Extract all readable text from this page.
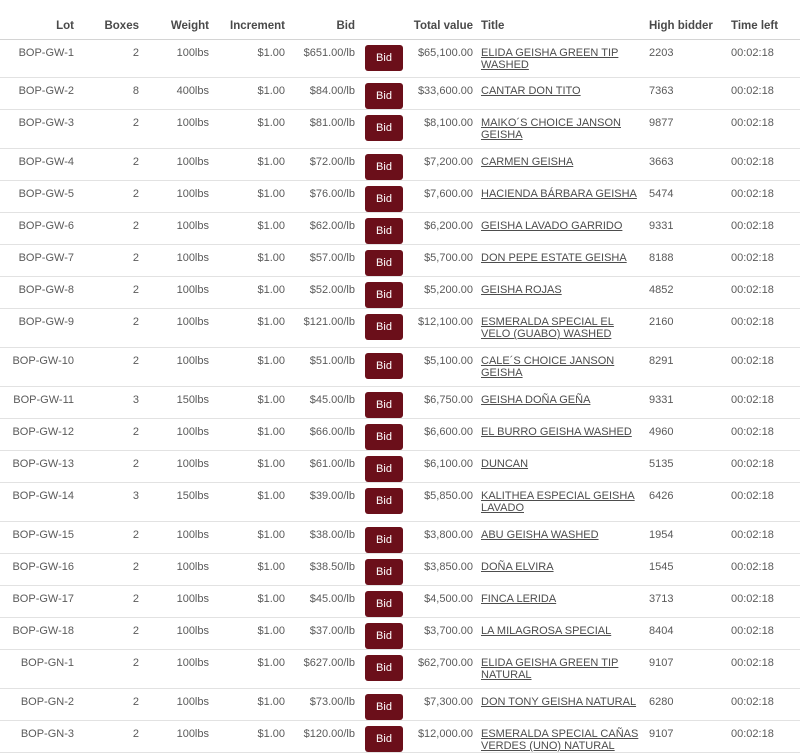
Lot	Boxes	Weight	Increment	Bid		Total value	Title	High bidder	Time left
BOP-GW-1	2	100lbs	$1.00	$651.00/lb	Bid	$65,100.00	ELIDA GEISHA GREEN TIP WASHED	2203	00:02:18
BOP-GW-2	8	400lbs	$1.00	$84.00/lb	Bid	$33,600.00	CANTAR DON TITO	7363	00:02:18
BOP-GW-3	2	100lbs	$1.00	$81.00/lb	Bid	$8,100.00	MAIKO´S CHOICE JANSON GEISHA	9877	00:02:18
BOP-GW-4	2	100lbs	$1.00	$72.00/lb	Bid	$7,200.00	CARMEN GEISHA	3663	00:02:18
BOP-GW-5	2	100lbs	$1.00	$76.00/lb	Bid	$7,600.00	HACIENDA BÁRBARA GEISHA	5474	00:02:18
BOP-GW-6	2	100lbs	$1.00	$62.00/lb	Bid	$6,200.00	GEISHA LAVADO GARRIDO	9331	00:02:18
BOP-GW-7	2	100lbs	$1.00	$57.00/lb	Bid	$5,700.00	DON PEPE ESTATE GEISHA	8188	00:02:18
BOP-GW-8	2	100lbs	$1.00	$52.00/lb	Bid	$5,200.00	GEISHA ROJAS	4852	00:02:18
BOP-GW-9	2	100lbs	$1.00	$121.00/lb	Bid	$12,100.00	ESMERALDA SPECIAL EL VELO (GUABO) WASHED	2160	00:02:18
BOP-GW-10	2	100lbs	$1.00	$51.00/lb	Bid	$5,100.00	CALE´S CHOICE JANSON GEISHA	8291	00:02:18
BOP-GW-11	3	150lbs	$1.00	$45.00/lb	Bid	$6,750.00	GEISHA DOÑA GEÑA	9331	00:02:18
BOP-GW-12	2	100lbs	$1.00	$66.00/lb	Bid	$6,600.00	EL BURRO GEISHA WASHED	4960	00:02:18
BOP-GW-13	2	100lbs	$1.00	$61.00/lb	Bid	$6,100.00	DUNCAN	5135	00:02:18
BOP-GW-14	3	150lbs	$1.00	$39.00/lb	Bid	$5,850.00	KALITHEA ESPECIAL GEISHA LAVADO	6426	00:02:18
BOP-GW-15	2	100lbs	$1.00	$38.00/lb	Bid	$3,800.00	ABU GEISHA WASHED	1954	00:02:18
BOP-GW-16	2	100lbs	$1.00	$38.50/lb	Bid	$3,850.00	DOÑA ELVIRA	1545	00:02:18
BOP-GW-17	2	100lbs	$1.00	$45.00/lb	Bid	$4,500.00	FINCA LERIDA	3713	00:02:18
BOP-GW-18	2	100lbs	$1.00	$37.00/lb	Bid	$3,700.00	LA MILAGROSA SPECIAL	8404	00:02:18
BOP-GN-1	2	100lbs	$1.00	$627.00/lb	Bid	$62,700.00	ELIDA GEISHA GREEN TIP NATURAL	9107	00:02:18
BOP-GN-2	2	100lbs	$1.00	$73.00/lb	Bid	$7,300.00	DON TONY GEISHA NATURAL	6280	00:02:18
BOP-GN-3	2	100lbs	$1.00	$120.00/lb	Bid	$12,000.00	ESMERALDA SPECIAL CAÑAS VERDES (UNO) NATURAL	9107	00:02:18
